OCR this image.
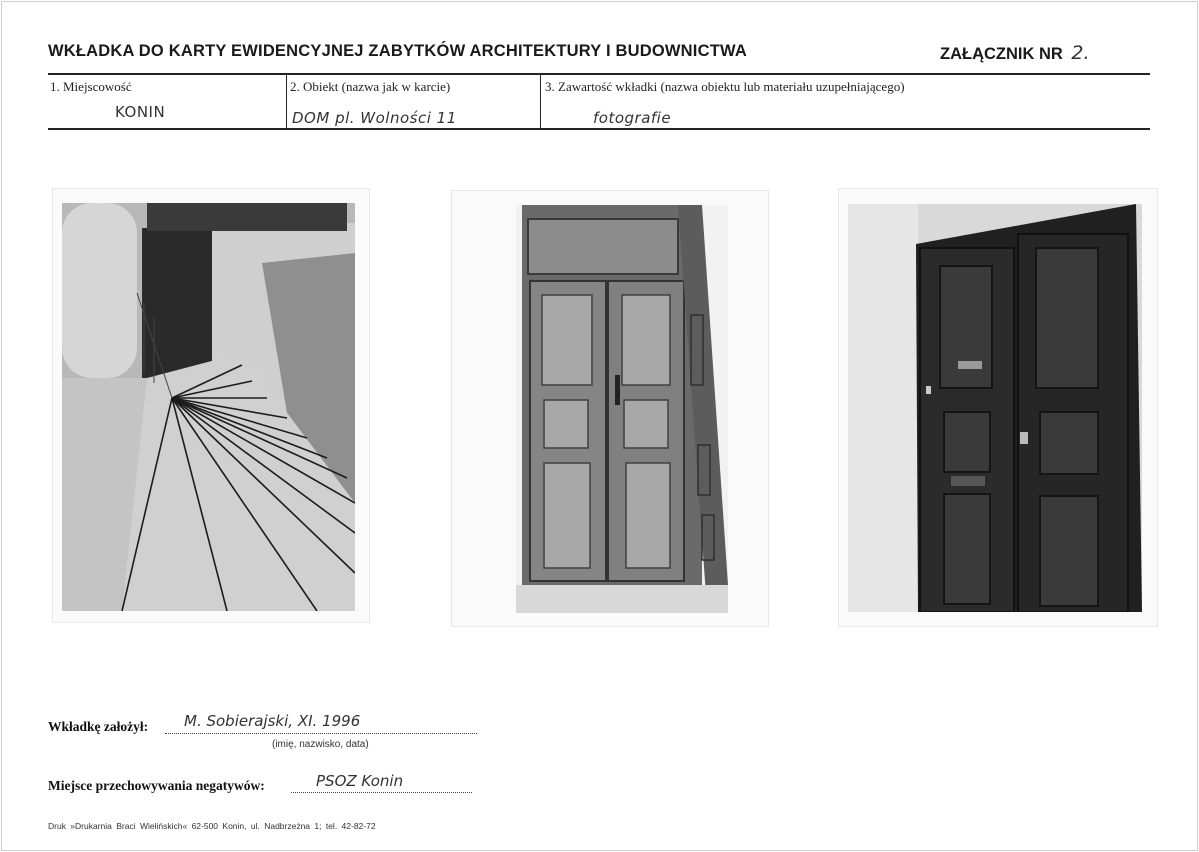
WKŁADKA DO KARTY EWIDENCYJNEJ ZABYTKÓW ARCHITEKTURY I BUDOWNICTWA	ZAŁĄCZNIK NR 2.
1. Miejscowość
KONIN
2. Obiekt (nazwa jak w karcie)
DOM pl. Wolności 11
3. Zawartość wkładki (nazwa obiektu lub materiału uzupełniającego)
fotografie
Wkładkę założył: M. Sobierajski, XI. 1996
(imię, nazwisko, data)
Miejsce przechowywania negatywów:	PSOZ Konin
Druk »Drukarnia Braci Wielińskich« 62-500 Konin, ul. Nadbrzeżna 1; tel. 42-82-72
